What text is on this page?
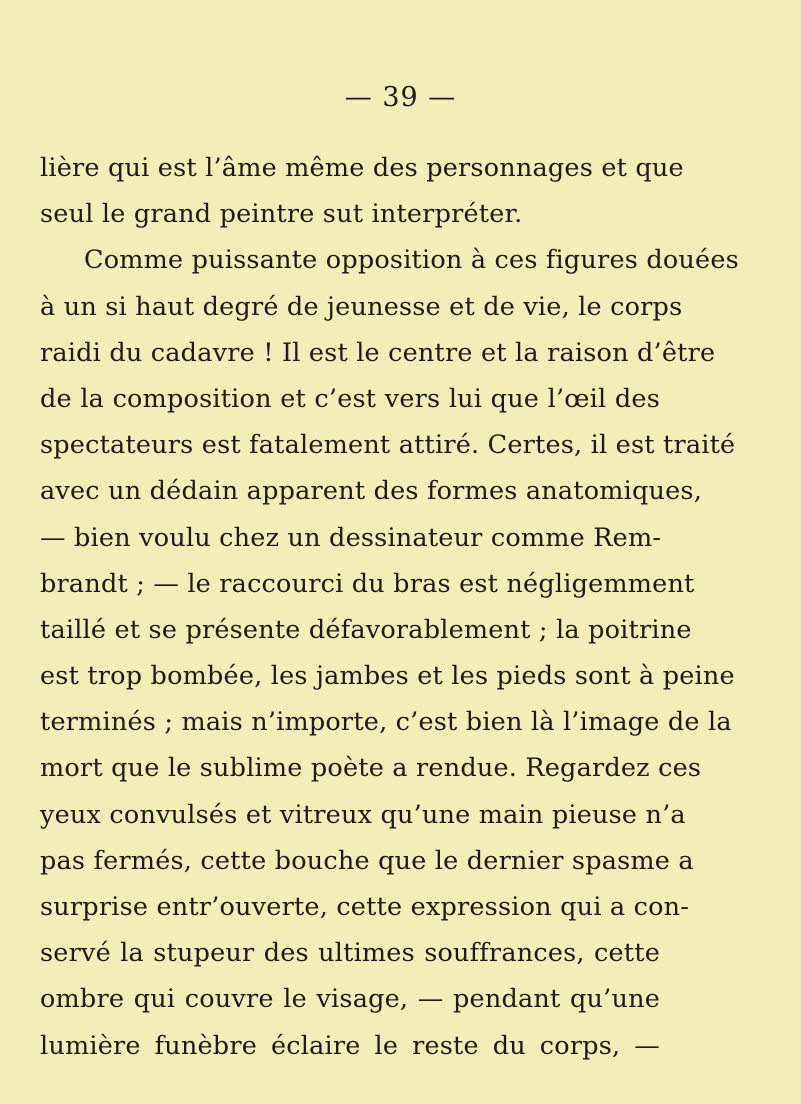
— 39 —
lière qui est l’âme même des personnages et que
seul le grand peintre sut interpréter.
Comme puissante opposition à ces figures douées
à un si haut degré de jeunesse et de vie, le corps
raidi du cadavre ! Il est le centre et la raison d’être
de la composition et c’est vers lui que l’œil des
spectateurs est fatalement attiré. Certes, il est traité
avec un dédain apparent des formes anatomiques,
— bien voulu chez un dessinateur comme Rem-
brandt ; — le raccourci du bras est négligemment
taillé et se présente défavorablement ; la poitrine
est trop bombée, les jambes et les pieds sont à peine
terminés ; mais n’importe, c’est bien là l’image de la
mort que le sublime poète a rendue. Regardez ces
yeux convulsés et vitreux qu’une main pieuse n’a
pas fermés, cette bouche que le dernier spasme a
surprise entr’ouverte, cette expression qui a con-
servé la stupeur des ultimes souffrances, cette
ombre qui couvre le visage, — pendant qu’une
lumière funèbre éclaire le reste du corps, —
